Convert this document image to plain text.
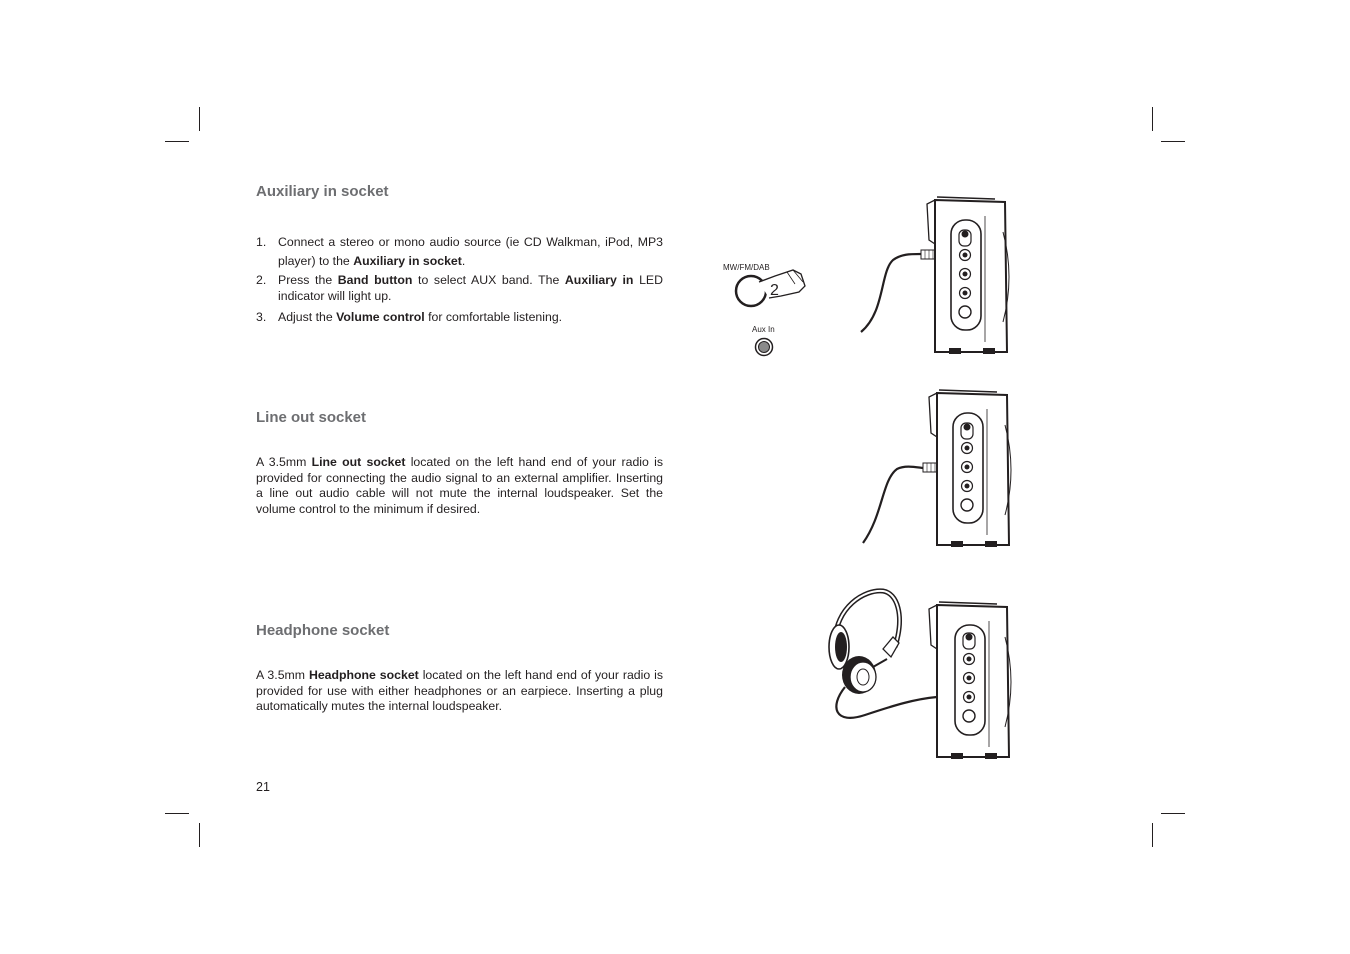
Auxiliary in socket
1. Connect a stereo or mono audio source (ie CD Walkman, iPod, MP3 player) to the Auxiliary in socket.
2. Press the Band button to select AUX band. The Auxiliary in LED indicator will light up.
3. Adjust the Volume control for comfortable listening.
Line out socket

A 3.5mm Line out socket located on the left hand end of your radio is provided for connecting the audio signal to an external amplifier. Inserting a line out audio cable will not mute the internal loudspeaker. Set the volume control to the minimum if desired.

Headphone socket

A 3.5mm Headphone socket located on the left hand end of your radio is provided for use with either headphones or an earpiece. Inserting a plug automatically mutes the internal loudspeaker.

21
MW/FM/DAB
2
Aux In
